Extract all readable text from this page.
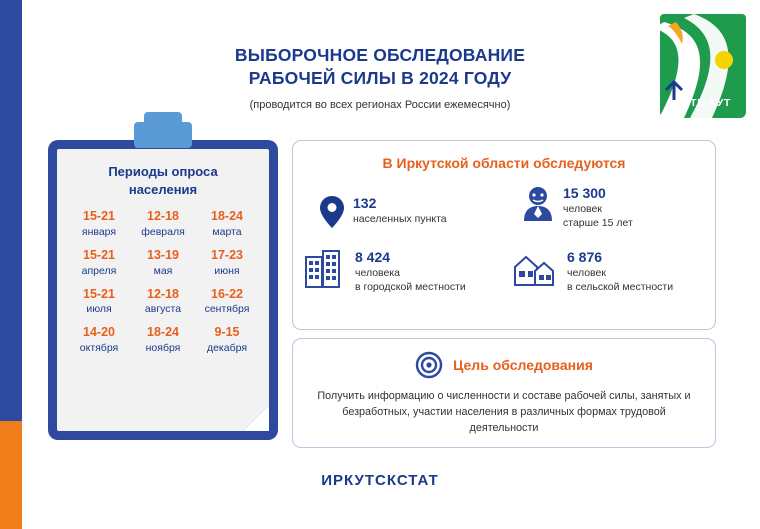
УСТЬ-КУТ
ВЫБОРОЧНОЕ ОБСЛЕДОВАНИЕ
РАБОЧЕЙ СИЛЫ В 2024 ГОДУ
(проводится во всех регионах России ежемесячно)
Периоды опроса
населения
15-21
января
12-18
февраля
18-24
марта
15-21
апреля
13-19
мая
17-23
июня
15-21
июля
12-18
августа
16-22
сентября
14-20
октября
18-24
ноября
9-15
декабря
В Иркутской области обследуются
132
населенных пункта
15 300
человек
старше 15 лет
8 424
человека
в городской местности
6 876
человек
в сельской местности
Цель обследования
Получить информацию о численности и составе рабочей силы, занятых и безработных, участии населения в различных формах трудовой деятельности
ИРКУТСКСТАТ
